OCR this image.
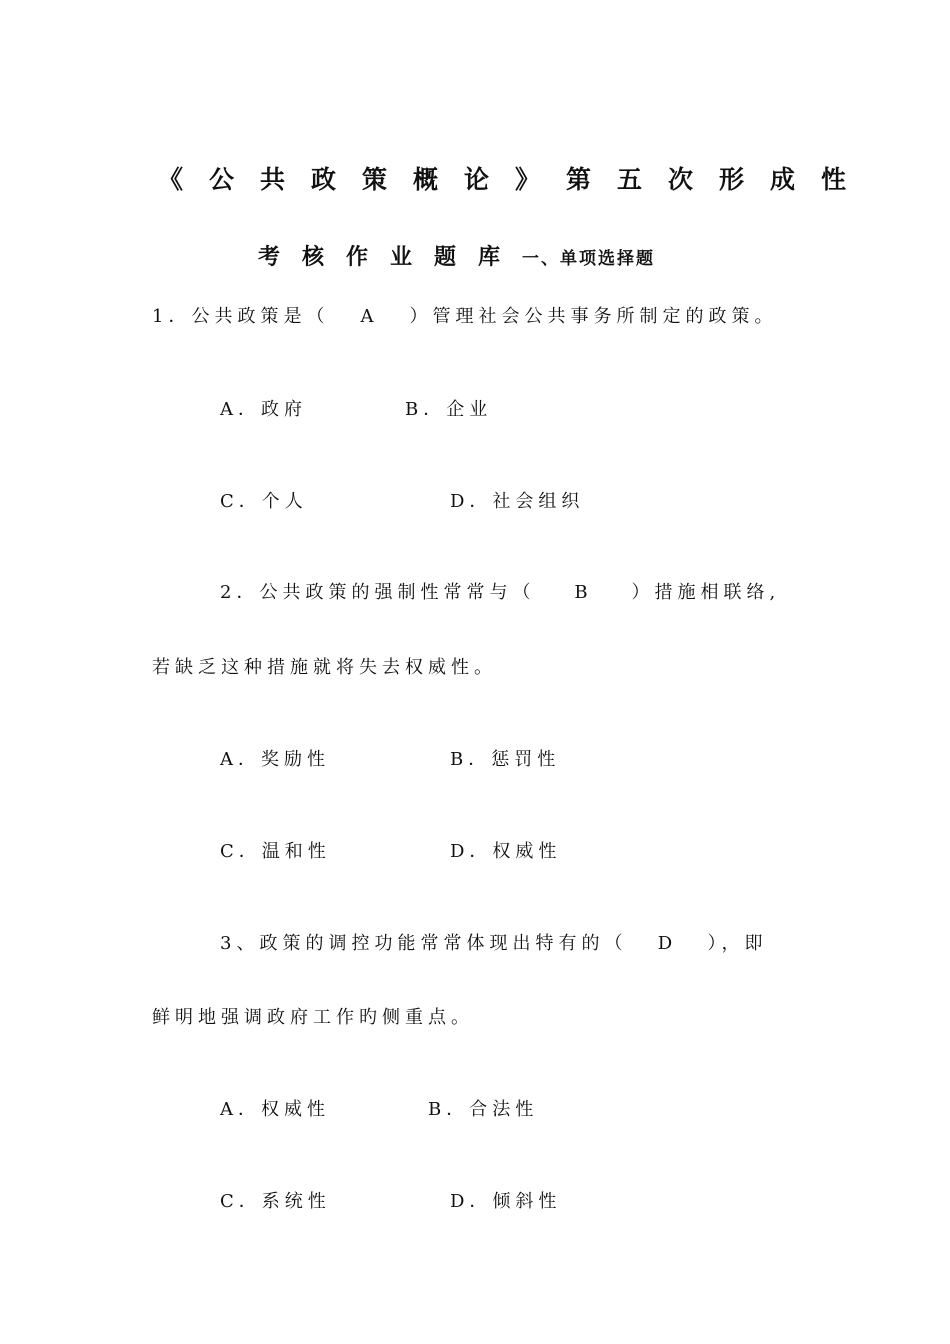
《公共政策概论》第五次形成性
考核作业题库一、单项选择题
1．公共政策是（ A ）管理社会公共事务所制定的政策。
A．政府	B．企业
C．个人	D．社会组织
2．公共政策的强制性常常与（ B ）措施相联络,
若缺乏这种措施就将失去权威性。
A．奖励性	B．惩罚性
C．温和性	D．权威性
3、政策的调控功能常常体现出特有的（ D ），即
鲜明地强调政府工作旳侧重点。
A．权威性	B．合法性
C．系统性	D．倾斜性
